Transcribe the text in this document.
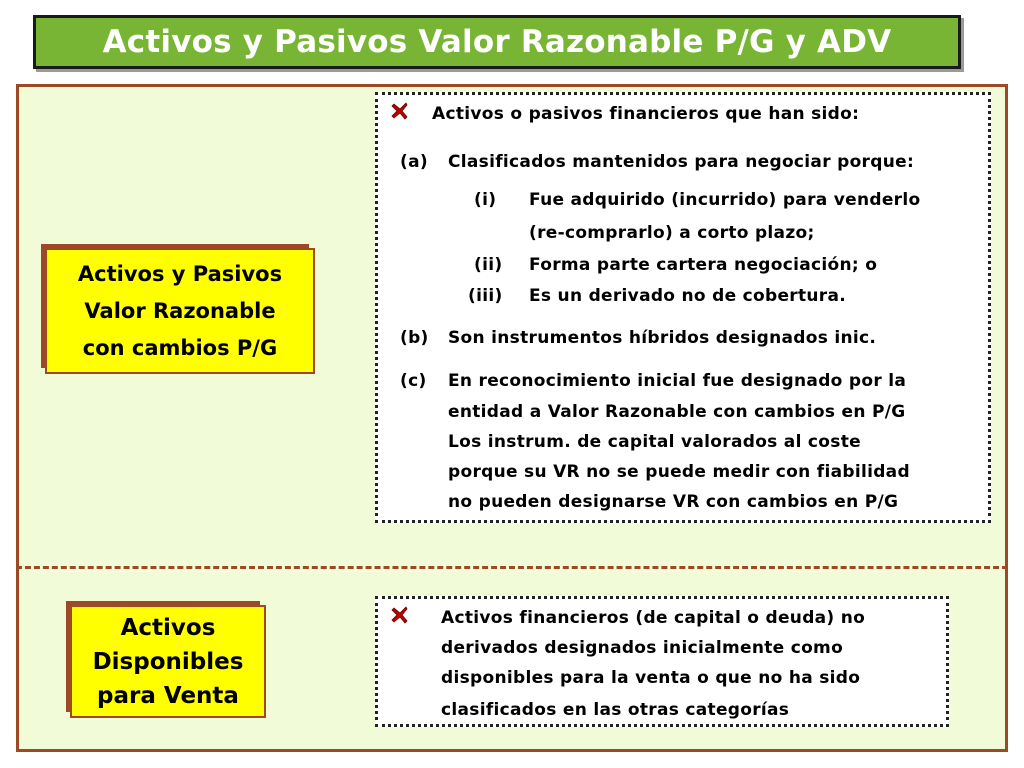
Activos y Pasivos Valor Razonable P/G y ADV
Activos y Pasivos
Valor Razonable
con cambios P/G
Activos o pasivos financieros que han sido:
(a) Clasificados mantenidos para negociar porque:
(i) Fue adquirido (incurrido) para venderlo
(re-comprarlo) a corto plazo;
(ii) Forma parte cartera negociación; o
(iii) Es un derivado no de cobertura.
(b) Son instrumentos híbridos designados inic.
(c) En reconocimiento inicial fue designado por la
entidad a Valor Razonable con cambios en P/G
Los instrum. de capital valorados al coste
porque su VR no se puede medir con fiabilidad
no pueden designarse VR con cambios en P/G
Activos
Disponibles
para Venta
Activos financieros (de capital o deuda) no
derivados designados inicialmente como
disponibles para la venta o que no ha sido
clasificados en las otras categorías
